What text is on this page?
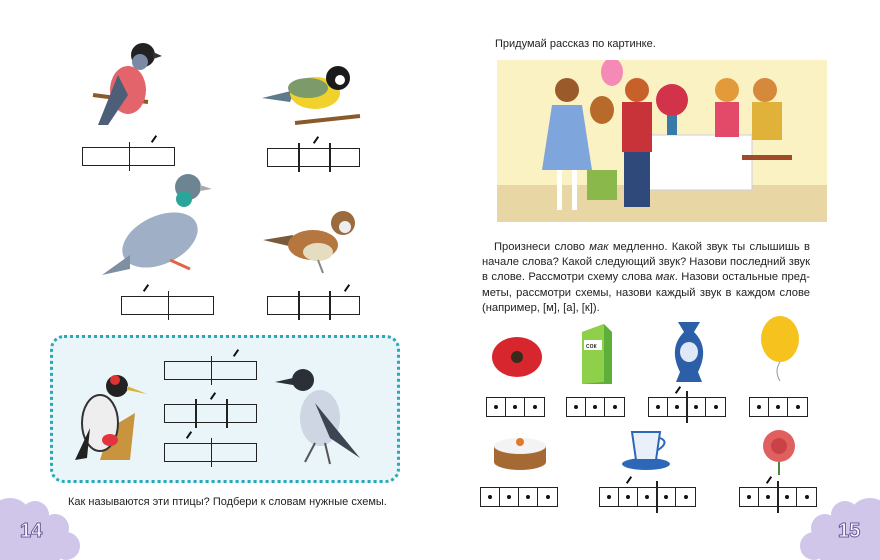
Как называются эти птицы? Подбери к словам нужные схемы.
14
Придумай рассказ по картинке.
Произнеси слово мак медленно. Какой звук ты слышишь в начале слова? Какой следующий звук? Назови последний звук в слове. Рассмотри схему слова мак. Назови остальные пред-меты, рассмотри схемы, назови каждый звук в каждом слове (например, [м], [а], [к]).
сок
15
